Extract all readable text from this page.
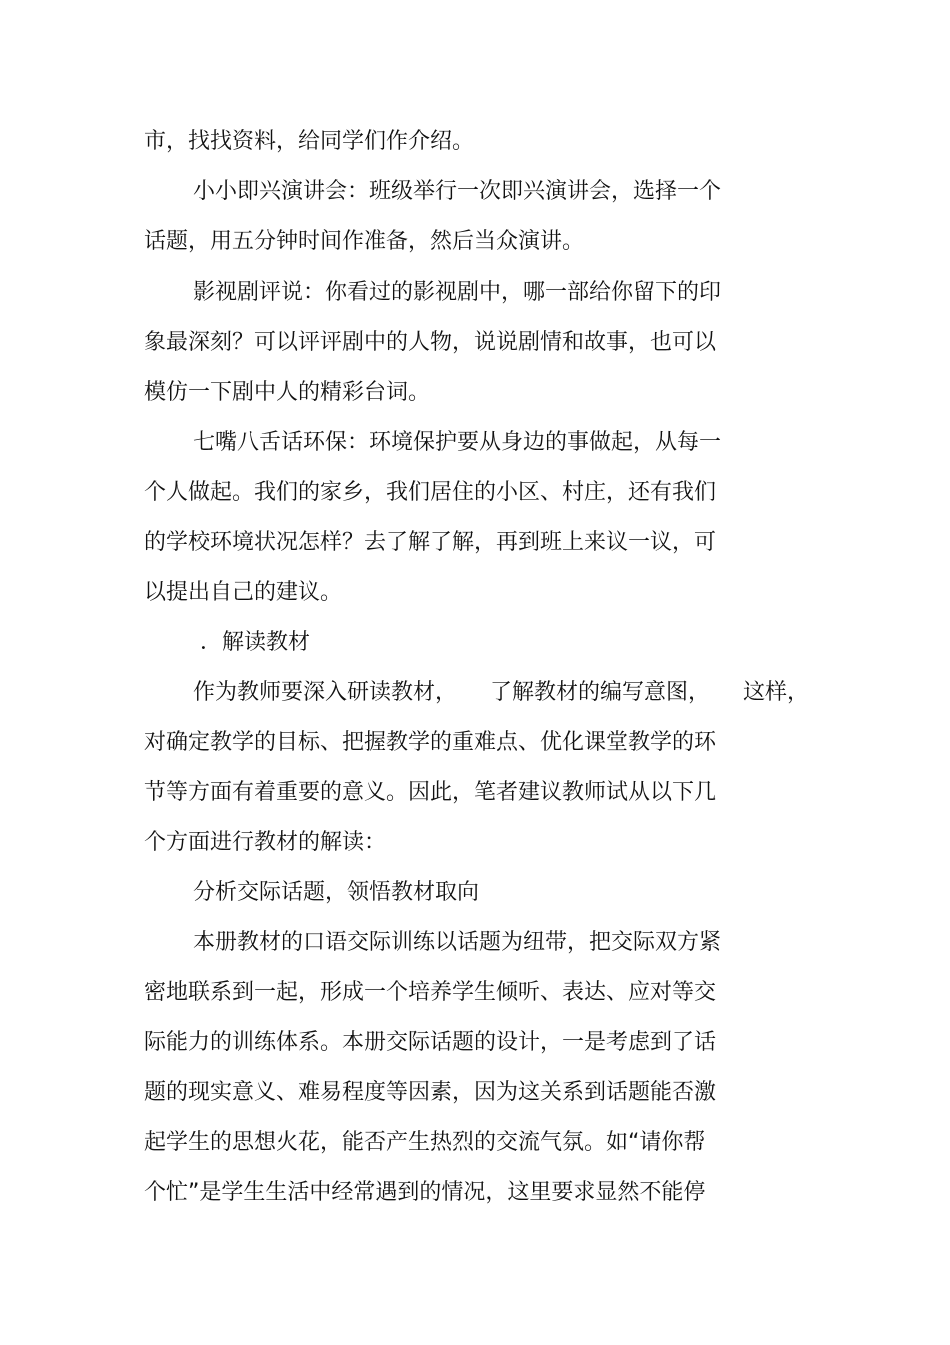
市，找找资料，给同学们作介绍。
小小即兴演讲会：班级举行一次即兴演讲会，选择一个
话题，用五分钟时间作准备，然后当众演讲。
影视剧评说：你看过的影视剧中，哪一部给你留下的印
象最深刻？可以评评剧中的人物，说说剧情和故事，也可以
模仿一下剧中人的精彩台词。
七嘴八舌话环保：环境保护要从身边的事做起，从每一
个人做起。我们的家乡，我们居住的小区、村庄，还有我们
的学校环境状况怎样？去了解了解，再到班上来议一议，可
以提出自己的建议。
．解读教材
作为教师要深入研读教材，　　了解教材的编写意图，　　这样，
对确定教学的目标、把握教学的重难点、优化课堂教学的环
节等方面有着重要的意义。因此，笔者建议教师试从以下几
个方面进行教材的解读：
分析交际话题，领悟教材取向
本册教材的口语交际训练以话题为纽带，把交际双方紧
密地联系到一起，形成一个培养学生倾听、表达、应对等交
际能力的训练体系。本册交际话题的设计，一是考虑到了话
题的现实意义、难易程度等因素，因为这关系到话题能否激
起学生的思想火花，能否产生热烈的交流气氛。如“请你帮
个忙”是学生生活中经常遇到的情况，这里要求显然不能停
